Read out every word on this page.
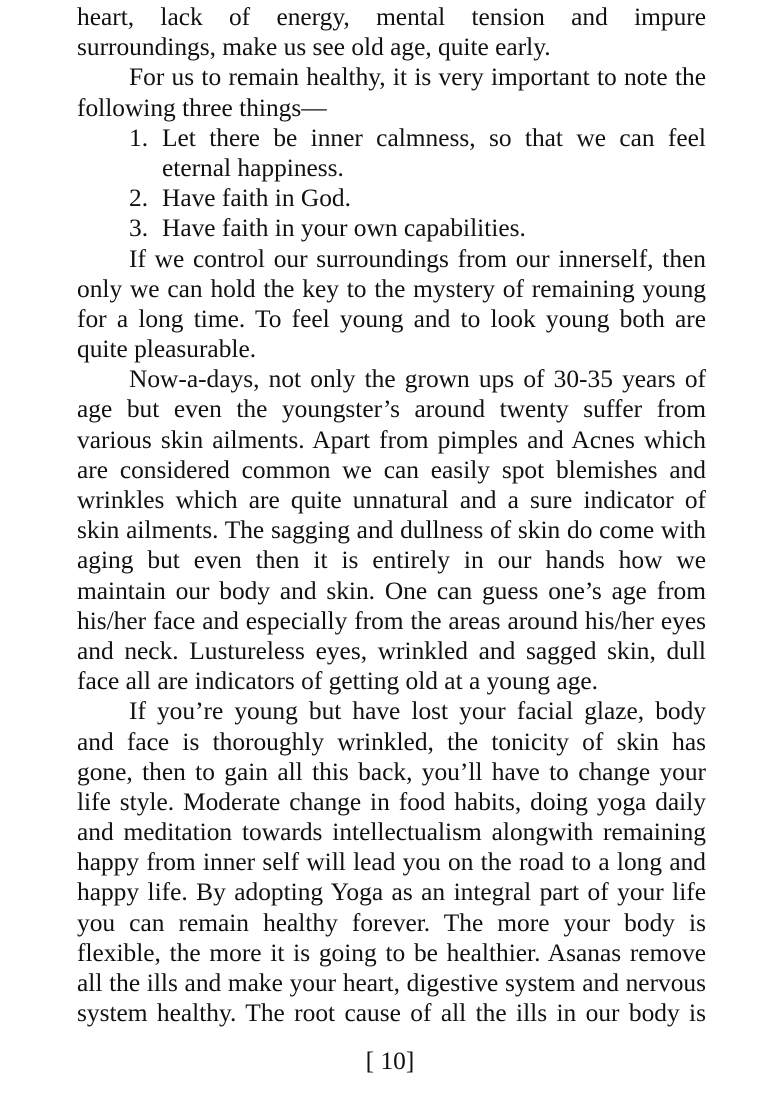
heart, lack of energy, mental tension and impure
surroundings, make us see old age, quite early.
For us to remain healthy, it is very important to note the
following three things—
1. Let there be inner calmness, so that we can feel
eternal happiness.
2. Have faith in God.
3. Have faith in your own capabilities.
If we control our surroundings from our innerself, then
only we can hold the key to the mystery of remaining young
for a long time. To feel young and to look young both are
quite pleasurable.
Now-a-days, not only the grown ups of 30-35 years of
age but even the youngster’s around twenty suffer from
various skin ailments. Apart from pimples and Acnes which
are considered common we can easily spot blemishes and
wrinkles which are quite unnatural and a sure indicator of
skin ailments. The sagging and dullness of skin do come with
aging but even then it is entirely in our hands how we
maintain our body and skin. One can guess one’s age from
his/her face and especially from the areas around his/her eyes
and neck. Lustureless eyes, wrinkled and sagged skin, dull
face all are indicators of getting old at a young age.
If you’re young but have lost your facial glaze, body
and face is thoroughly wrinkled, the tonicity of skin has
gone, then to gain all this back, you’ll have to change your
life style. Moderate change in food habits, doing yoga daily
and meditation towards intellectualism alongwith remaining
happy from inner self will lead you on the road to a long and
happy life. By adopting Yoga as an integral part of your life
you can remain healthy forever. The more your body is
flexible, the more it is going to be healthier. Asanas remove
all the ills and make your heart, digestive system and nervous
system healthy. The root cause of all the ills in our body is
[ 10]
